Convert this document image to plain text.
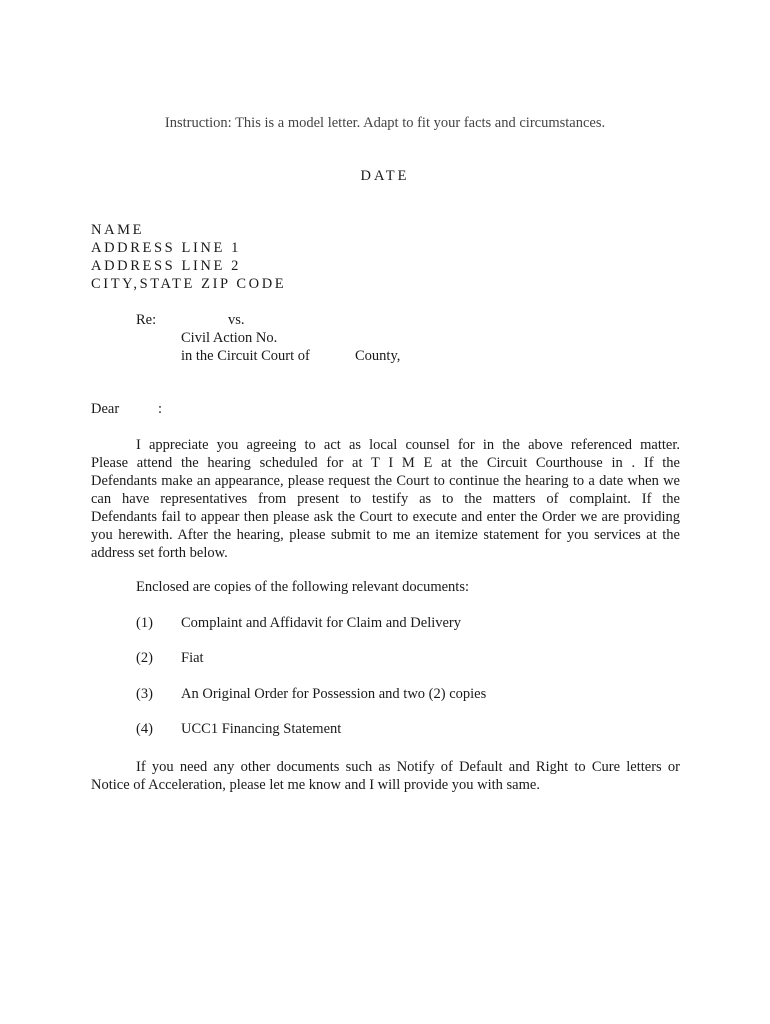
Instruction: This is a model letter. Adapt to fit your facts and circumstances.
DATE
NAME
ADDRESS LINE 1
ADDRESS LINE 2
CITY,STATE ZIP CODE
Re:	vs.
Civil Action No.
in the Circuit Court of	County,
Dear	:
I appreciate you agreeing to act as local counsel for in the above referenced matter.
Please attend the hearing scheduled for at T I M E at the Circuit Courthouse in . If the
Defendants make an appearance, please request the Court to continue the hearing to a date when we
can have representatives from present to testify as to the matters of complaint. If the
Defendants fail to appear then please ask the Court to execute and enter the Order we are providing
you herewith. After the hearing, please submit to me an itemize statement for you services at the
address set forth below.
Enclosed are copies of the following relevant documents:
(1) Complaint and Affidavit for Claim and Delivery
(2) Fiat
(3) An Original Order for Possession and two (2) copies
(4) UCC1 Financing Statement
If you need any other documents such as Notify of Default and Right to Cure letters or
Notice of Acceleration, please let me know and I will provide you with same.
